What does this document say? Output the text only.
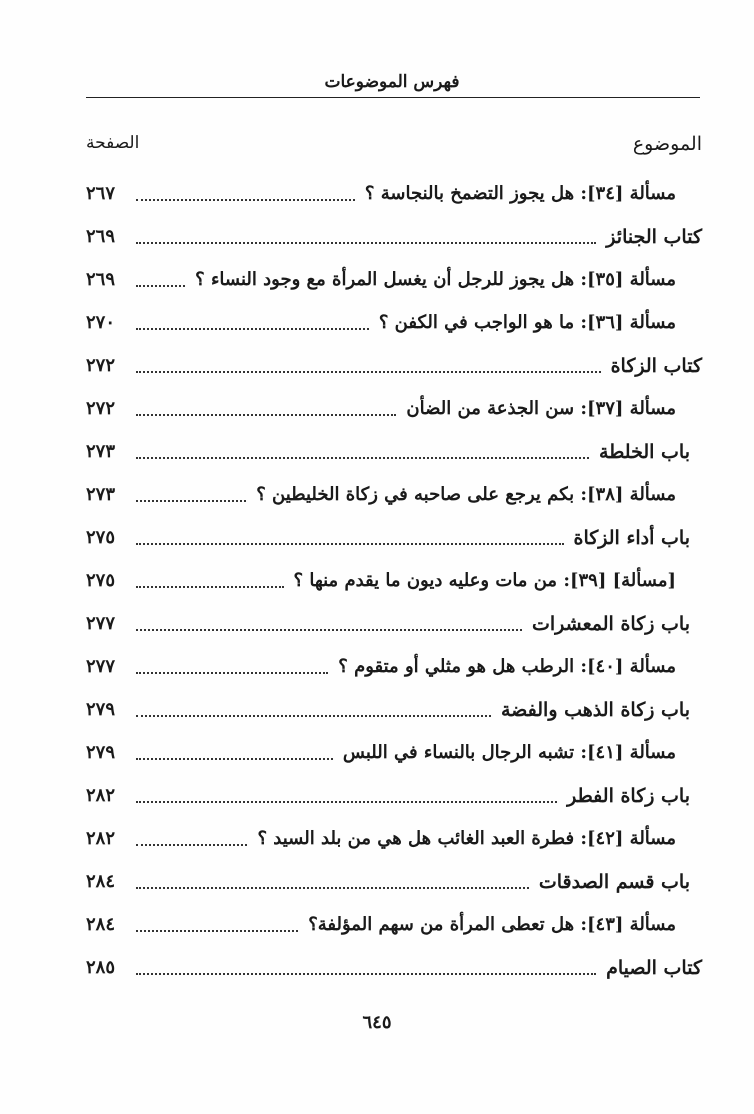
فهرس الموضوعات
الموضوع
الصفحة
مسألة [٣٤]: هل يجوز التضمخ بالنجاسة ؟
٢٦٧
كتاب الجنائز
٢٦٩
مسألة [٣٥]: هل يجوز للرجل أن يغسل المرأة مع وجود النساء ؟
٢٦٩
مسألة [٣٦]: ما هو الواجب في الكفن ؟
٢٧٠
كتاب الزكاة
٢٧٢
مسألة [٣٧]: سن الجذعة من الضأن
٢٧٢
باب الخلطة
٢٧٣
مسألة [٣٨]: بكم يرجع على صاحبه في زكاة الخليطين ؟
٢٧٣
باب أداء الزكاة
٢٧٥
[مسألة] [٣٩]: من مات وعليه ديون ما يقدم منها ؟
٢٧٥
باب زكاة المعشرات
٢٧٧
مسألة [٤٠]: الرطب هل هو مثلي أو متقوم ؟
٢٧٧
باب زكاة الذهب والفضة
٢٧٩
مسألة [٤١]: تشبه الرجال بالنساء في اللبس
٢٧٩
باب زكاة الفطر
٢٨٢
مسألة [٤٢]: فطرة العبد الغائب هل هي من بلد السيد ؟
٢٨٢
باب قسم الصدقات
٢٨٤
مسألة [٤٣]: هل تعطى المرأة من سهم المؤلفة؟
٢٨٤
كتاب الصيام
٢٨٥
٦٤٥
